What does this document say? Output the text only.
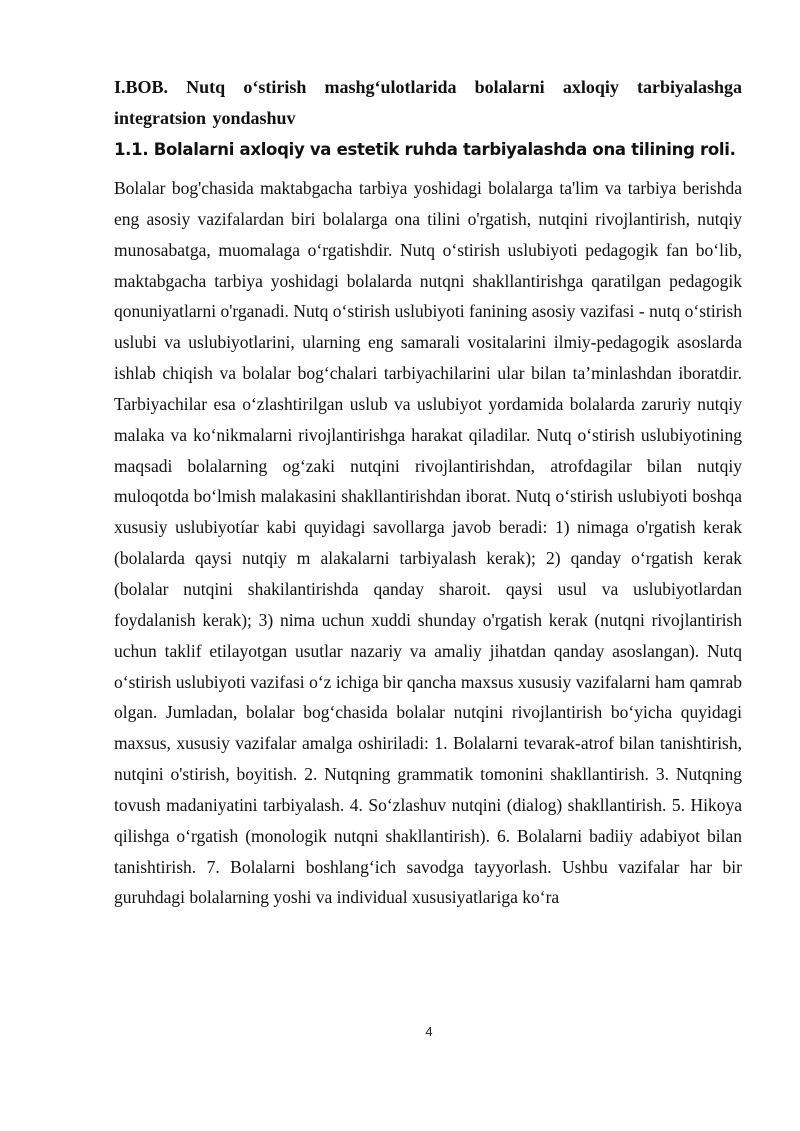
I.BOB. Nutq o‘stirish mashg‘ulotlarida bolalarni axloqiy tarbiyalashga integratsion yondashuv
1.1. Bolalarni axloqiy va estetik ruhda tarbiyalashda ona tilining roli.

Bolalar bog'chasida maktabgacha tarbiya yoshidagi bolalarga ta'lim va tarbiya berishda eng asosiy vazifalardan biri bolalarga ona tilini o'rgatish, nutqini rivojlantirish, nutqiy munosabatga, muomalaga o‘rgatishdir. Nutq o‘stirish uslubiyoti pedagogik fan bo‘lib, maktabgacha tarbiya yoshidagi bolalarda nutqni shakllantirishga qaratilgan pedagogik qonuniyatlarni o'rganadi. Nutq o‘stirish uslubiyoti fanining asosiy vazifasi - nutq o‘stirish uslubi va uslubiyotlarini, ularning eng samarali vositalarini ilmiy-pedagogik asoslarda ishlab chiqish va bolalar bog‘chalari tarbiyachilarini ular bilan ta’minlashdan iboratdir. Tarbiyachilar esa o‘zlashtirilgan uslub va uslubiyot yordamida bolalarda zaruriy nutqiy malaka va ko‘nikmalarni rivojlantirishga harakat qiladilar. Nutq o‘stirish uslubiyotining maqsadi bolalarning og‘zaki nutqini rivojlantirishdan, atrofdagilar bilan nutqiy muloqotda bo‘lmish malakasini shakllantirishdan iborat. Nutq o‘stirish uslubiyoti boshqa xususiy uslubiyotíar kabi quyidagi savollarga javob beradi: 1) nimaga o'rgatish kerak (bolalarda qaysi nutqiy m alakalarni tarbiyalash kerak); 2) qanday o‘rgatish kerak (bolalar nutqini shakilantirishda qanday sharoit. qaysi usul va uslubiyotlardan foydalanish kerak); 3) nima uchun xuddi shunday o'rgatish kerak (nutqni rivojlantirish uchun taklif etilayotgan usutlar nazariy va amaliy jihatdan qanday asoslangan). Nutq o‘stirish uslubiyoti vazifasi o‘z ichiga bir qancha maxsus xususiy vazifalarni ham qamrab olgan. Jumladan, bolalar bog‘chasida bolalar nutqini rivojlantirish bo‘yicha quyidagi maxsus, xususiy vazifalar amalga oshiriladi: 1. Bolalarni tevarak-atrof bilan tanishtirish, nutqini o'stirish, boyitish. 2. Nutqning grammatik tomonini shakllantirish. 3. Nutqning tovush madaniyatini tarbiyalash. 4. So‘zlashuv nutqini (dialog) shakllantirish. 5. Hikoya qilishga o‘rgatish (monologik nutqni shakllantirish). 6. Bolalarni badiiy adabiyot bilan tanishtirish. 7. Bolalarni boshlang‘ich savodga tayyorlash. Ushbu vazifalar har bir guruhdagi bolalarning yoshi va individual xususiyatlariga ko‘ra

4
